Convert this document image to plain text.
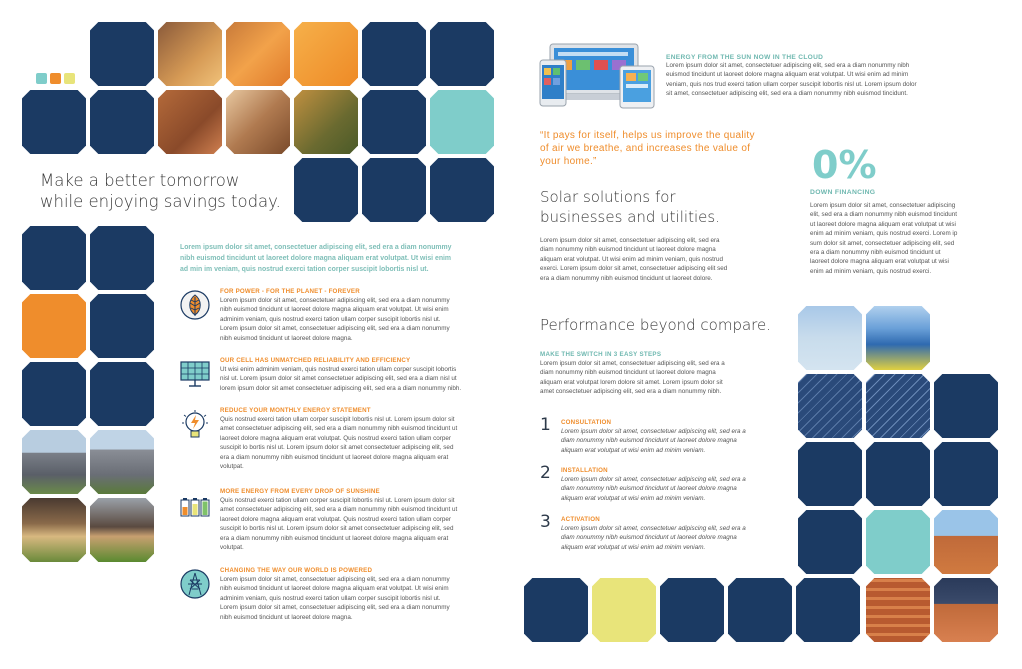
Make a better tomorrow
while enjoying savings today.
Lorem ipsum dolor sit amet, consectetuer adipiscing elit, sed era a diam nonummy
nibh euismod tincidunt ut laoreet dolore magna aliquam erat volutpat. Ut wisi enim
ad min im veniam, quis nostrud exerci tation corper suscipit lobortis nisl ut.

FOR POWER - FOR THE PLANET - FOREVER

Lorem ipsum dolor sit amet, consectetuer adipiscing elit, sed era a diam nonummy

nibh euismod tincidunt ut laoreet dolore magna aliquam erat volutpat. Ut wisi enim

adminim veniam, quis nostrud exerci tation ullam corper suscipit lobortis nisl ut.

Lorem ipsum dolor sit amet, consectetuer adipiscing elit, sed era a diam nonummy

nibh euismod tincidunt ut laoreet dolore magna.

OUR CELL HAS UNMATCHED RELIABILITY AND EFFICIENCY

Ut wisi enim adminim veniam, quis nostrud exerci tation ullam corper suscipit lobortis

nisl ut. Lorem ipsum dolor sit amet consectetuer adipiscing elit, sed era a diam nisl ut

lorem ipsum dolor sit amet consectetuer adipiscing elit, sed era a diam nonummy nibh.

REDUCE YOUR MONTHLY ENERGY STATEMENT

Quis nostrud exerci tation ullam corper suscipit lobortis nisl ut. Lorem ipsum dolor sit

amet consectetuer adipiscing elit, sed era a diam nonummy nibh euismod tincidunt ut

laoreet dolore magna aliquam erat volutpat. Quis nostrud exerci tation ullam corper

suscipit lo bortis nisl ut. Lorem ipsum dolor sit amet consectetuer adipiscing elit, sed

era a diam nonummy nibh euismod tincidunt ut laoreet dolore magna aliquam erat

volutpat.

MORE ENERGY FROM EVERY DROP OF SUNSHINE

Quis nostrud exerci tation ullam corper suscipit lobortis nisl ut. Lorem ipsum dolor sit

amet consectetuer adipiscing elit, sed era a diam nonummy nibh euismod tincidunt ut

laoreet dolore magna aliquam erat volutpat. Quis nostrud exerci tation ullam corper

suscipit lo bortis nisl ut. Lorem ipsum dolor sit amet consectetuer adipiscing elit, sed

era a diam nonummy nibh euismod tincidunt ut laoreet dolore magna aliquam erat

volutpat.

CHANGING THE WAY OUR WORLD IS POWERED

Lorem ipsum dolor sit amet, consectetuer adipiscing elit, sed era a diam nonummy

nibh euismod tincidunt ut laoreet dolore magna aliquam erat volutpat. Ut wisi enim

adminim veniam, quis nostrud exerci tation ullam corper suscipit lobortis nisl ut.

Lorem ipsum dolor sit amet, consectetuer adipiscing elit, sed era a diam nonummy

nibh euismod tincidunt ut laoreet dolore magna.

ENERGY FROM THE SUN NOW IN THE CLOUD

Lorem ipsum dolor sit amet, consectetuer adipiscing elit, sed era a diam nonummy nibh

euismod tincidunt ut laoreet dolore magna aliquam erat volutpat. Ut wisi enim ad minim

veniam, quis nos trud exerci tation ullam corper suscipit lobortis nisl ut. Lorem ipsum dolor

sit amet, consectetuer adipiscing elit, sed era a diam nonummy nibh euismod tincidunt.

“It pays for itself, helps us improve the quality
of air we breathe, and increases the value of
your home.”
Solar solutions for
businesses and utilities.

Lorem ipsum dolor sit amet, consectetuer adipiscing elit, sed era

diam nonummy nibh euismod tincidunt ut laoreet dolore magna

aliquam erat volutpat. Ut wisi enim ad minim veniam, quis nostrud

exerci. Lorem ipsum dolor sit amet, consectetuer adipiscing elit sed

era a diam nonummy nibh euismod tincidunt ut laoreet dolore.

0%

DOWN FINANCING

Lorem ipsum dolor sit amet, consectetuer adipiscing

elit, sed era a diam nonummy nibh euismod tincidunt

ut laoreet dolore magna aliquam erat volutpat ut wisi

enim ad minim veniam, quis nostrud exerci. Lorem ip

sum dolor sit amet, consectetuer adipiscing elit, sed

era a diam nonummy nibh euismod tincidunt ut

laoreet dolore magna aliquam erat volutpat ut wisi

enim ad minim veniam, quis nostrud exerci.

Performance beyond compare.

MAKE THE SWITCH IN 3 EASY STEPS

Lorem ipsum dolor sit amet, consectetuer adipiscing elit, sed era a

diam nonummy nibh euismod tincidunt ut laoreet dolore magna

aliquam erat volutpat lorem dolore sit amet. Lorem ipsum dolor sit

amet consectetuer adipiscing elit, sed era a diam nonummy nibh.

1 CONSULTATION

Lorem ipsum dolor sit amet, consectetuer adipiscing elit, sed era a

diam nonummy nibh euismod tincidunt ut laoreet dolore magna

aliquam erat volutpat ut wisi enim ad minim veniam.

2 INSTALLATION

Lorem ipsum dolor sit amet, consectetuer adipiscing elit, sed era a

diam nonummy nibh euismod tincidunt ut laoreet dolore magna

aliquam erat volutpat ut wisi enim ad minim veniam.

3 ACTIVATION

Lorem ipsum dolor sit amet, consectetuer adipiscing elit, sed era a

diam nonummy nibh euismod tincidunt ut laoreet dolore magna

aliquam erat volutpat ut wisi enim ad minim veniam.
